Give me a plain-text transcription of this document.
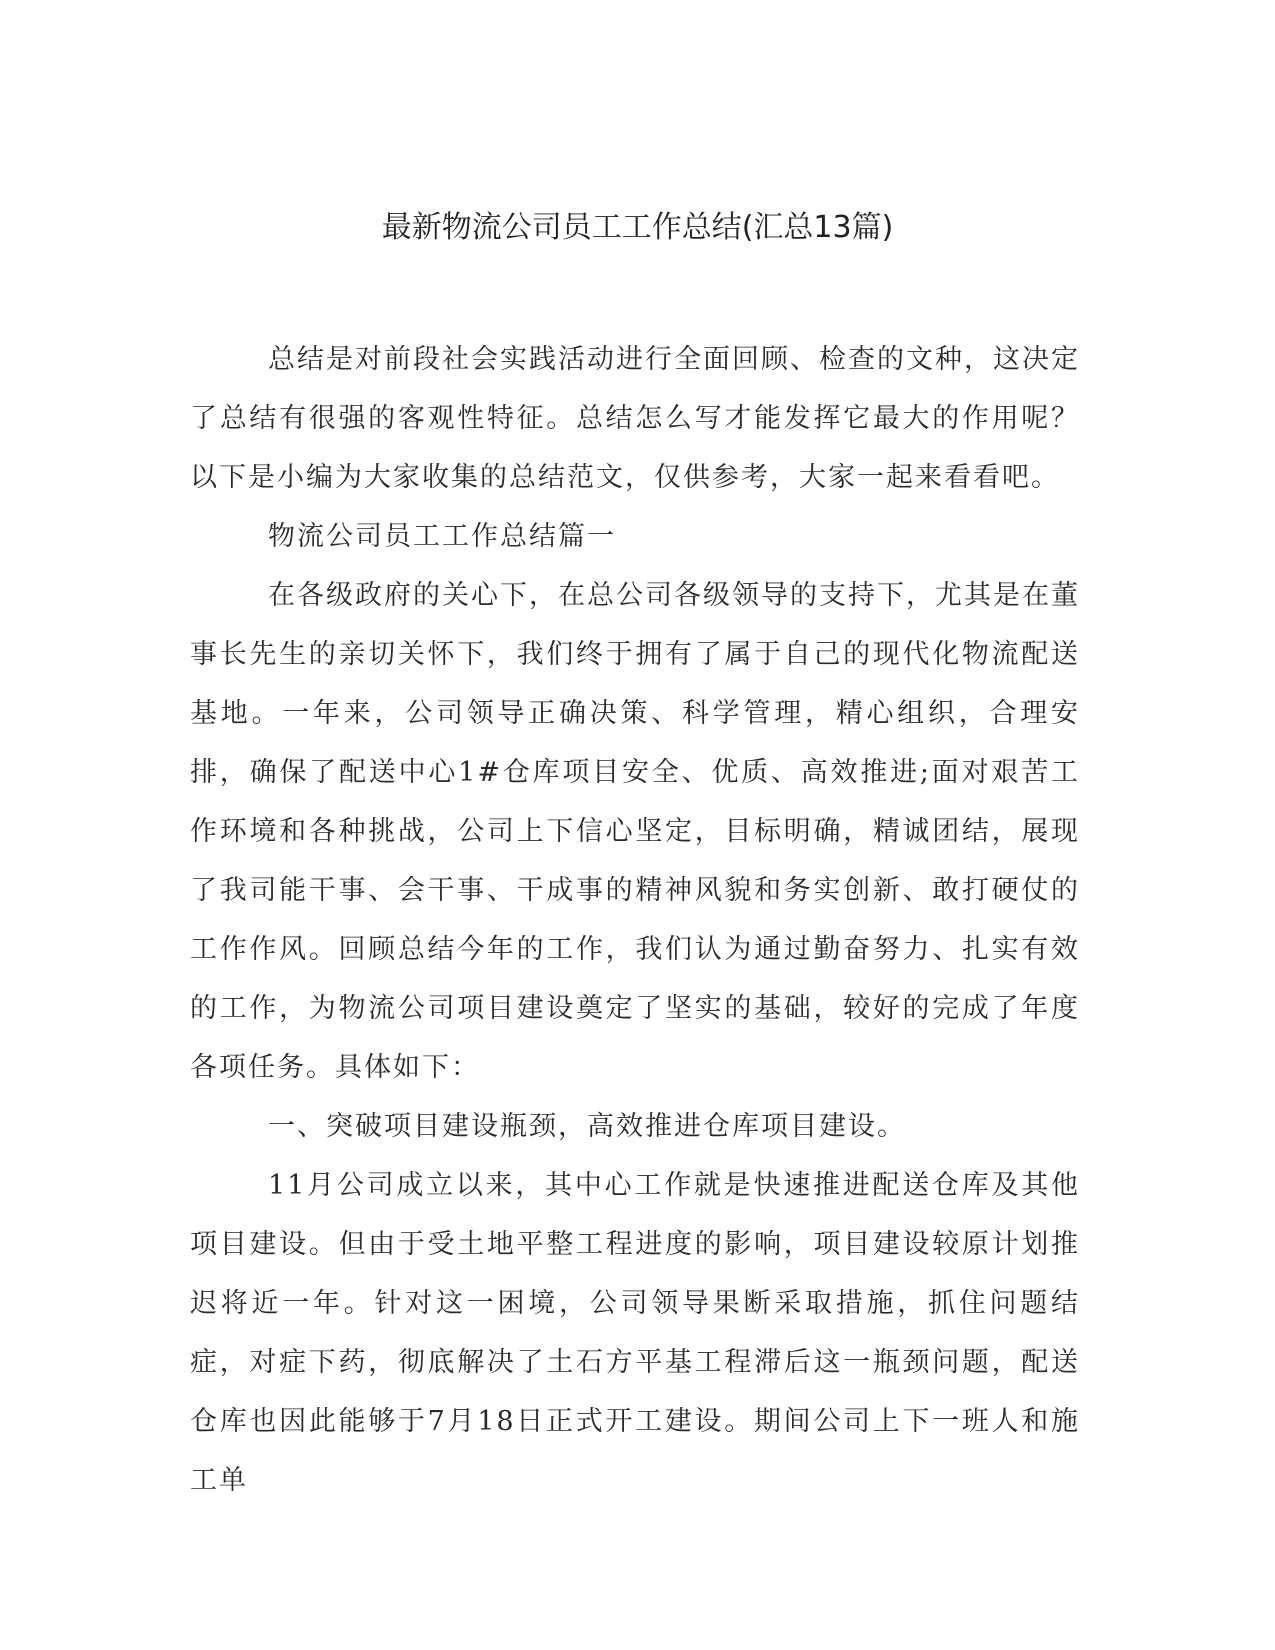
最新物流公司员工工作总结(汇总13篇)

总结是对前段社会实践活动进行全面回顾、检查的文种，这决定了总结有很强的客观性特征。总结怎么写才能发挥它最大的作用呢？以下是小编为大家收集的总结范文，仅供参考，大家一起来看看吧。

物流公司员工工作总结篇一

在各级政府的关心下，在总公司各级领导的支持下，尤其是在董事长先生的亲切关怀下，我们终于拥有了属于自己的现代化物流配送基地。一年来，公司领导正确决策、科学管理，精心组织，合理安排，确保了配送中心1#仓库项目安全、优质、高效推进;面对艰苦工作环境和各种挑战，公司上下信心坚定，目标明确，精诚团结，展现了我司能干事、会干事、干成事的精神风貌和务实创新、敢打硬仗的工作作风。回顾总结今年的工作，我们认为通过勤奋努力、扎实有效的工作，为物流公司项目建设奠定了坚实的基础，较好的完成了年度各项任务。具体如下：

一、突破项目建设瓶颈，高效推进仓库项目建设。

11月公司成立以来，其中心工作就是快速推进配送仓库及其他项目建设。但由于受土地平整工程进度的影响，项目建设较原计划推迟将近一年。针对这一困境，公司领导果断采取措施，抓住问题结症，对症下药，彻底解决了土石方平基工程滞后这一瓶颈问题，配送仓库也因此能够于7月18日正式开工建设。期间公司上下一班人和施工单
